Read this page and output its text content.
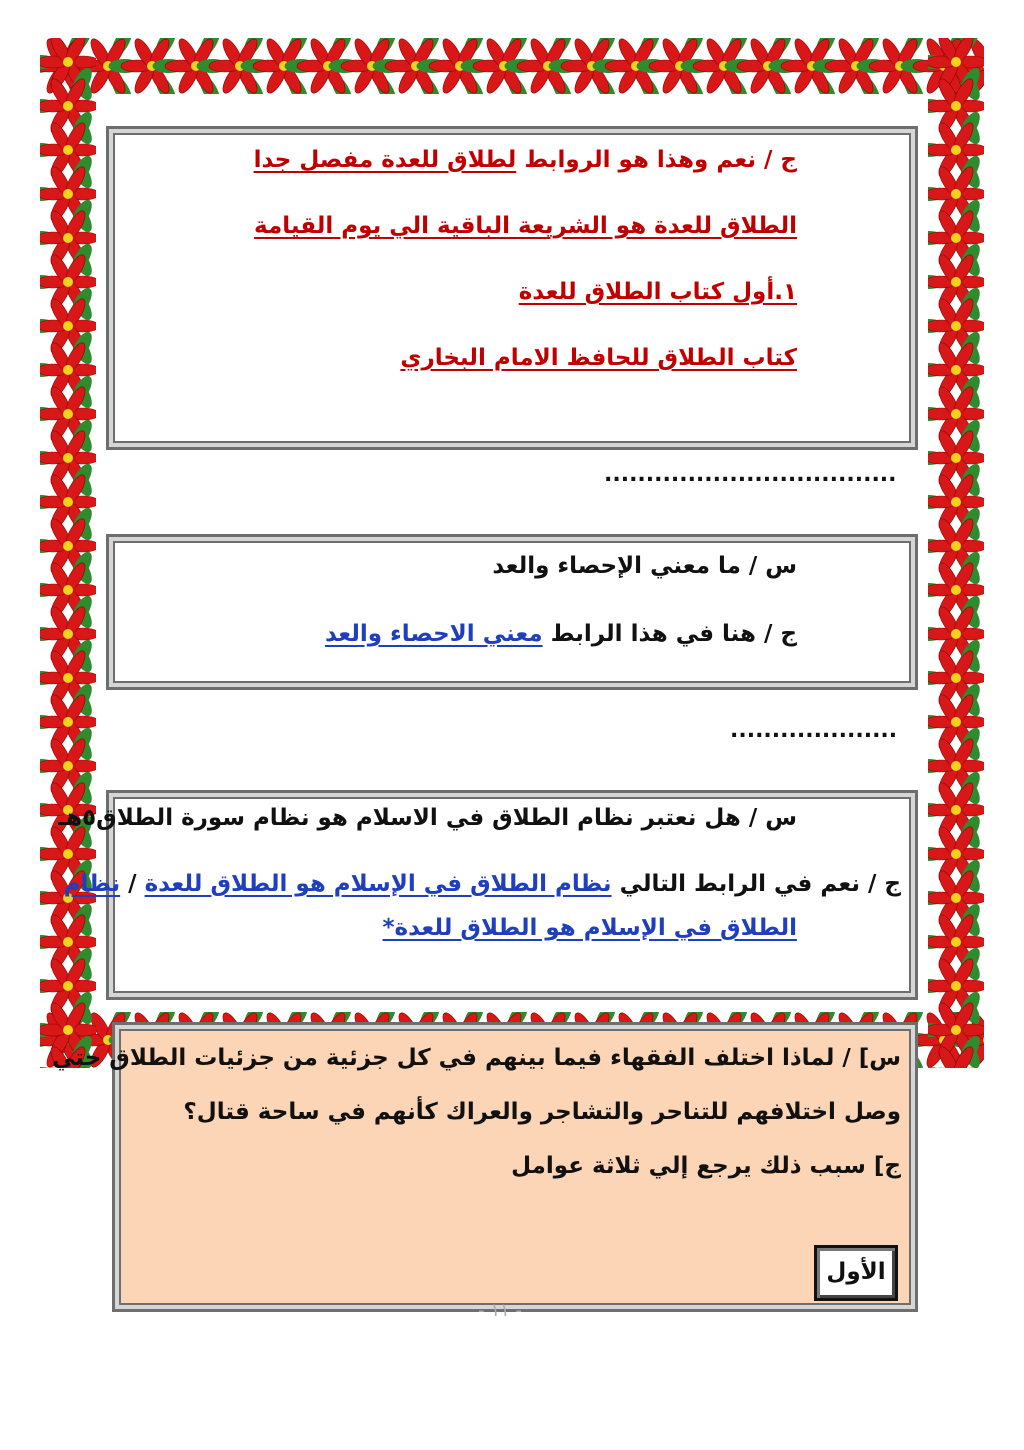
ج / نعم وهذا هو الروابط لطلاق للعدة مفصل جدا

الطلاق للعدة هو الشريعة الباقية الي يوم القيامة

١.أول كتاب الطلاق للعدة

كتاب الطلاق للحافظ الامام البخاري

...................................

س / ما معني الإحصاء والعد

ج / هنا في هذا الرابط معني الاحصاء والعد

....................

س / هل نعتبر نظام الطلاق في الاسلام هو نظام سورة الطلاق٥هـ

ج / نعم في الرابط التالي نظام الطلاق في الإسلام هو الطلاق للعدة / نظام

الطلاق في الإسلام هو الطلاق للعدة*

س] / لماذا اختلف الفقهاء فيما بينهم في كل جزئية من جزئيات الطلاق حتي

وصل اختلافهم للتناحر والتشاجر والعراك كأنهم في ساحة قتال؟

ج] سبب ذلك يرجع إلي ثلاثة عوامل

الأول
- ١١ -
